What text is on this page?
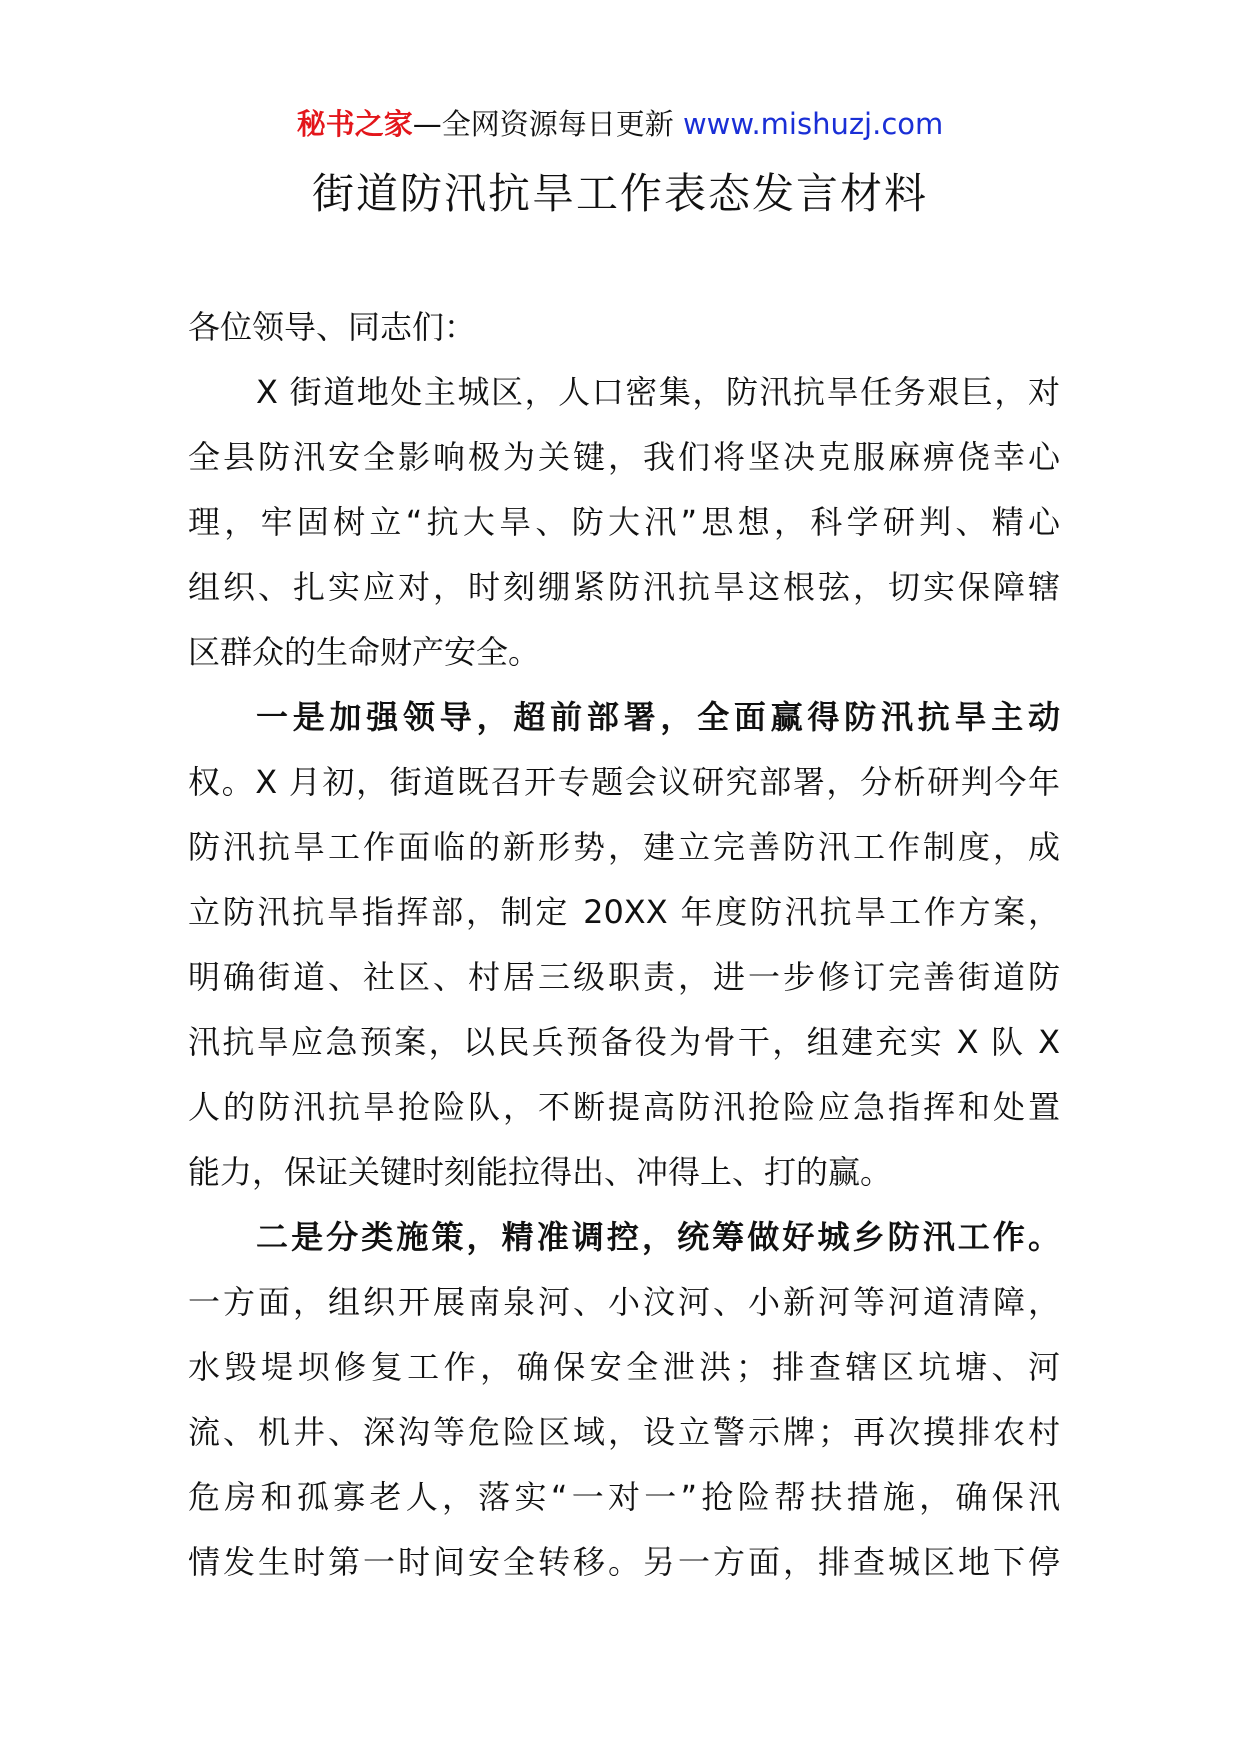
秘书之家—全网资源每日更新 www.mishuzj.com
街道防汛抗旱工作表态发言材料
各位领导、同志们：
X 街道地处主城区，人口密集，防汛抗旱任务艰巨，对
全县防汛安全影响极为关键，我们将坚决克服麻痹侥幸心
理，牢固树立“抗大旱、防大汛”思想，科学研判、精心
组织、扎实应对，时刻绷紧防汛抗旱这根弦，切实保障辖
区群众的生命财产安全。
一是加强领导，超前部署，全面赢得防汛抗旱主动
权。X 月初，街道既召开专题会议研究部署，分析研判今年
防汛抗旱工作面临的新形势，建立完善防汛工作制度，成
立防汛抗旱指挥部，制定 20XX 年度防汛抗旱工作方案，
明确街道、社区、村居三级职责，进一步修订完善街道防
汛抗旱应急预案，以民兵预备役为骨干，组建充实 X 队 X
人的防汛抗旱抢险队，不断提高防汛抢险应急指挥和处置
能力，保证关键时刻能拉得出、冲得上、打的赢。
二是分类施策，精准调控，统筹做好城乡防汛工作。
一方面，组织开展南泉河、小汶河、小新河等河道清障，
水毁堤坝修复工作，确保安全泄洪；排查辖区坑塘、河
流、机井、深沟等危险区域，设立警示牌；再次摸排农村
危房和孤寡老人，落实“一对一”抢险帮扶措施，确保汛
情发生时第一时间安全转移。另一方面，排查城区地下停
